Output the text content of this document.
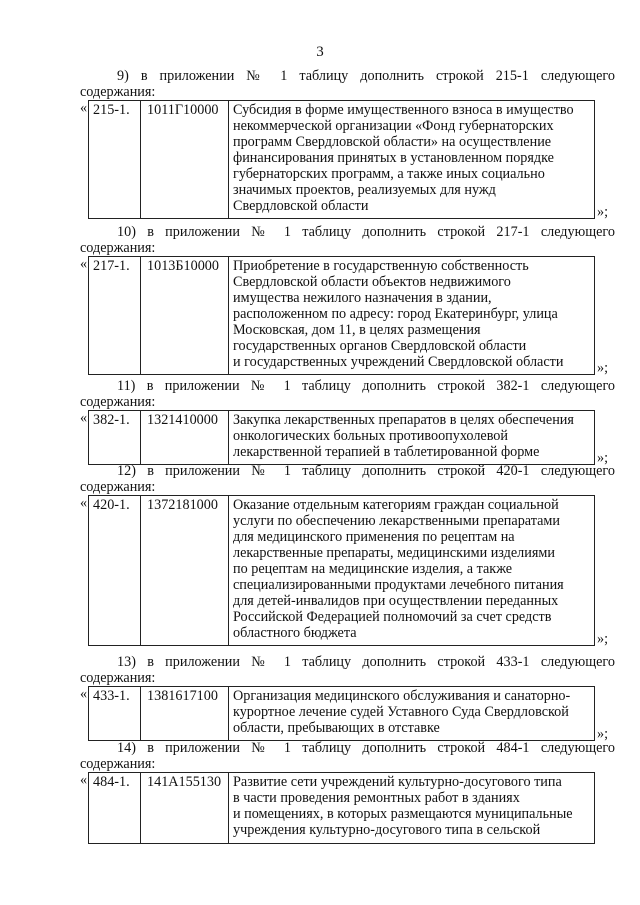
3
9) в приложении № 1 таблицу дополнить строкой 215-1 следующего
содержания:
« 215-1.	1011Г10000	Субсидия в форме имущественного взноса в имущество
некоммерческой организации «Фонд губернаторских
программ Свердловской области» на осуществление
финансирования принятых в установленном порядке
губернаторских программ, а также иных социально
значимых проектов, реализуемых для нужд
Свердловской области	»;
10) в приложении № 1 таблицу дополнить строкой 217-1 следующего
содержания:
« 217-1.	1013Б10000 Приобретение в государственную собственность
Свердловской области объектов недвижимого
имущества нежилого назначения в здании,
расположенном по адресу: город Екатеринбург, улица
Московская, дом 11, в целях размещения
государственных органов Свердловской области
и государственных учреждений Свердловской области	»;
11) в приложении № 1 таблицу дополнить строкой 382-1 следующего
содержания:
« 382-1.	1321410000	Закупка лекарственных препаратов в целях обеспечения
онкологических больных противоопухолевой
лекарственной терапией в таблетированной форме	»;
12) в приложении № 1 таблицу дополнить строкой 420-1 следующего
содержания:
« 420-1.	1372181000	Оказание отдельным категориям граждан социальной
услуги по обеспечению лекарственными препаратами
для медицинского применения по рецептам на
лекарственные препараты, медицинскими изделиями
по рецептам на медицинские изделия, а также
специализированными продуктами лечебного питания
для детей-инвалидов при осуществлении переданных
Российской Федерацией полномочий за счет средств
областного бюджета	»;
13) в приложении № 1 таблицу дополнить строкой 433-1 следующего
содержания:
« 433-1.	1381617100	Организация медицинского обслуживания и санаторно-
курортное лечение судей Уставного Суда Свердловской
области, пребывающих в отставке	»;
14) в приложении № 1 таблицу дополнить строкой 484-1 следующего
содержания:
« 484-1.	141А155130 Развитие сети учреждений культурно-досугового типа
в части проведения ремонтных работ в зданиях
и помещениях, в которых размещаются муниципальные
учреждения культурно-досугового типа в сельской
